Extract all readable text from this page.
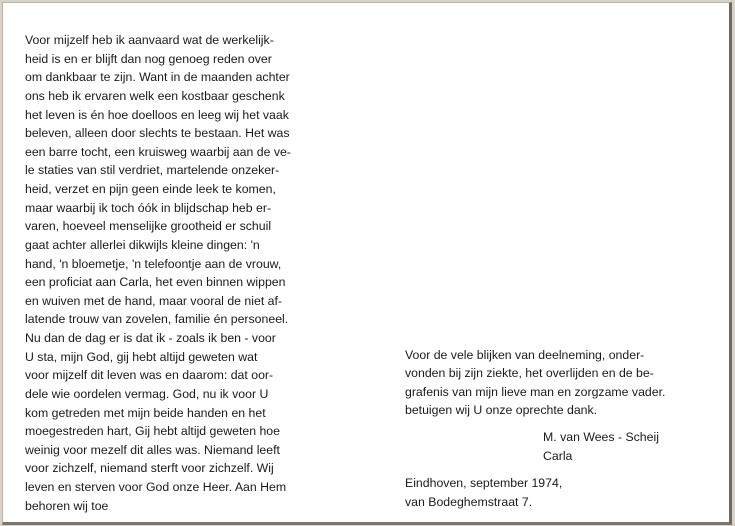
Voor mijzelf heb ik aanvaard wat de werkelijk-
heid is en er blijft dan nog genoeg reden over
om dankbaar te zijn. Want in de maanden achter
ons heb ik ervaren welk een kostbaar geschenk
het leven is én hoe doelloos en leeg wij het vaak
beleven, alleen door slechts te bestaan. Het was
een barre tocht, een kruisweg waarbij aan de ve-
le staties van stil verdriet, martelende onzeker-
heid, verzet en pijn geen einde leek te komen,
maar waarbij ik toch óók in blijdschap heb er-
varen, hoeveel menselijke grootheid er schuil
gaat achter allerlei dikwijls kleine dingen: 'n
hand, 'n bloemetje, 'n telefoontje aan de vrouw,
een proficiat aan Carla, het even binnen wippen
en wuiven met de hand, maar vooral de niet af-
latende trouw van zovelen, familie én personeel.
Nu dan de dag er is dat ik - zoals ik ben - voor
U sta, mijn God, gij hebt altijd geweten wat
voor mijzelf dit leven was en daarom: dat oor-
dele wie oordelen vermag. God, nu ik voor U
kom getreden met mijn beide handen en het
moegestreden hart, Gij hebt altijd geweten hoe
weinig voor mezelf dit alles was. Niemand leeft
voor zichzelf, niemand sterft voor zichzelf. Wij
leven en sterven voor God onze Heer. Aan Hem
behoren wij toe
Voor de vele blijken van deelneming, onder-
vonden bij zijn ziekte, het overlijden en de be-
grafenis van mijn lieve man en zorgzame vader.
betuigen wij U onze oprechte dank.
M. van Wees - Scheij
Carla
Eindhoven, september 1974,
van Bodeghemstraat 7.
